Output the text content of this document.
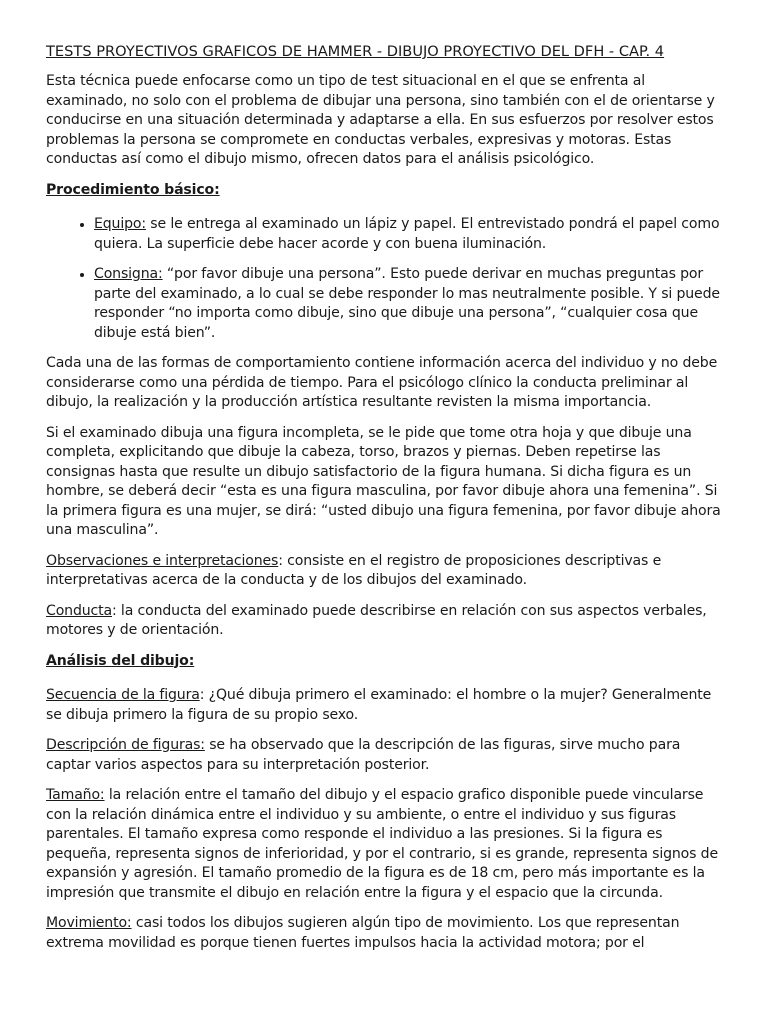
TESTS PROYECTIVOS GRAFICOS DE HAMMER - DIBUJO PROYECTIVO DEL DFH - CAP. 4

Esta técnica puede enfocarse como un tipo de test situacional en el que se enfrenta al examinado, no solo con el problema de dibujar una persona, sino también con el de orientarse y conducirse en una situación determinada y adaptarse a ella. En sus esfuerzos por resolver estos problemas la persona se compromete en conductas verbales, expresivas y motoras. Estas conductas así como el dibujo mismo, ofrecen datos para el análisis psicológico.

Procedimiento básico:

• Equipo: se le entrega al examinado un lápiz y papel. El entrevistado pondrá el papel como quiera. La superficie debe hacer acorde y con buena iluminación.
• Consigna: “por favor dibuje una persona”. Esto puede derivar en muchas preguntas por parte del examinado, a lo cual se debe responder lo mas neutralmente posible. Y si puede responder “no importa como dibuje, sino que dibuje una persona”, “cualquier cosa que dibuje está bien”.

Cada una de las formas de comportamiento contiene información acerca del individuo y no debe considerarse como una pérdida de tiempo. Para el psicólogo clínico la conducta preliminar al dibujo, la realización y la producción artística resultante revisten la misma importancia.

Si el examinado dibuja una figura incompleta, se le pide que tome otra hoja y que dibuje una completa, explicitando que dibuje la cabeza, torso, brazos y piernas. Deben repetirse las consignas hasta que resulte un dibujo satisfactorio de la figura humana. Si dicha figura es un hombre, se deberá decir “esta es una figura masculina, por favor dibuje ahora una femenina”. Si la primera figura es una mujer, se dirá: “usted dibujo una figura femenina, por favor dibuje ahora una masculina”.

Observaciones e interpretaciones: consiste en el registro de proposiciones descriptivas e interpretativas acerca de la conducta y de los dibujos del examinado.

Conducta: la conducta del examinado puede describirse en relación con sus aspectos verbales, motores y de orientación.

Análisis del dibujo:

Secuencia de la figura: ¿Qué dibuja primero el examinado: el hombre o la mujer? Generalmente se dibuja primero la figura de su propio sexo.

Descripción de figuras: se ha observado que la descripción de las figuras, sirve mucho para captar varios aspectos para su interpretación posterior.

Tamaño: la relación entre el tamaño del dibujo y el espacio grafico disponible puede vincularse con la relación dinámica entre el individuo y su ambiente, o entre el individuo y sus figuras parentales. El tamaño expresa como responde el individuo a las presiones. Si la figura es pequeña, representa signos de inferioridad, y por el contrario, si es grande, representa signos de expansión y agresión. El tamaño promedio de la figura es de 18 cm, pero más importante es la impresión que transmite el dibujo en relación entre la figura y el espacio que la circunda.

Movimiento: casi todos los dibujos sugieren algún tipo de movimiento. Los que representan extrema movilidad es porque tienen fuertes impulsos hacia la actividad motora; por el
